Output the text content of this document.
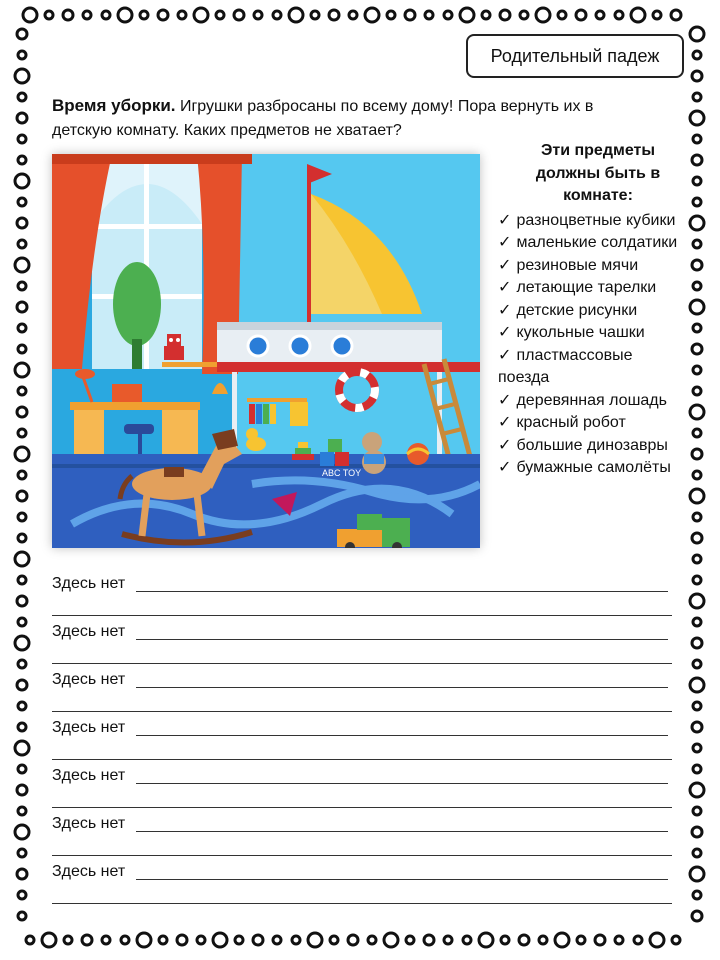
Родительный падеж
Время уборки. Игрушки разбросаны по всему дому! Пора вернуть их в детскую комнату. Каких предметов не хватает?
ABC TOY
Эти предметы должны быть в комнате:
✓ разноцветные кубики
✓ маленькие солдатики
✓ резиновые мячи
✓ летающие тарелки
✓ детские рисунки
✓ кукольные чашки
✓ пластмассовые поезда
✓ деревянная лошадь
✓ красный робот
✓ большие динозавры
✓ бумажные самолёты
Здесь нет
Здесь нет
Здесь нет
Здесь нет
Здесь нет
Здесь нет
Здесь нет
